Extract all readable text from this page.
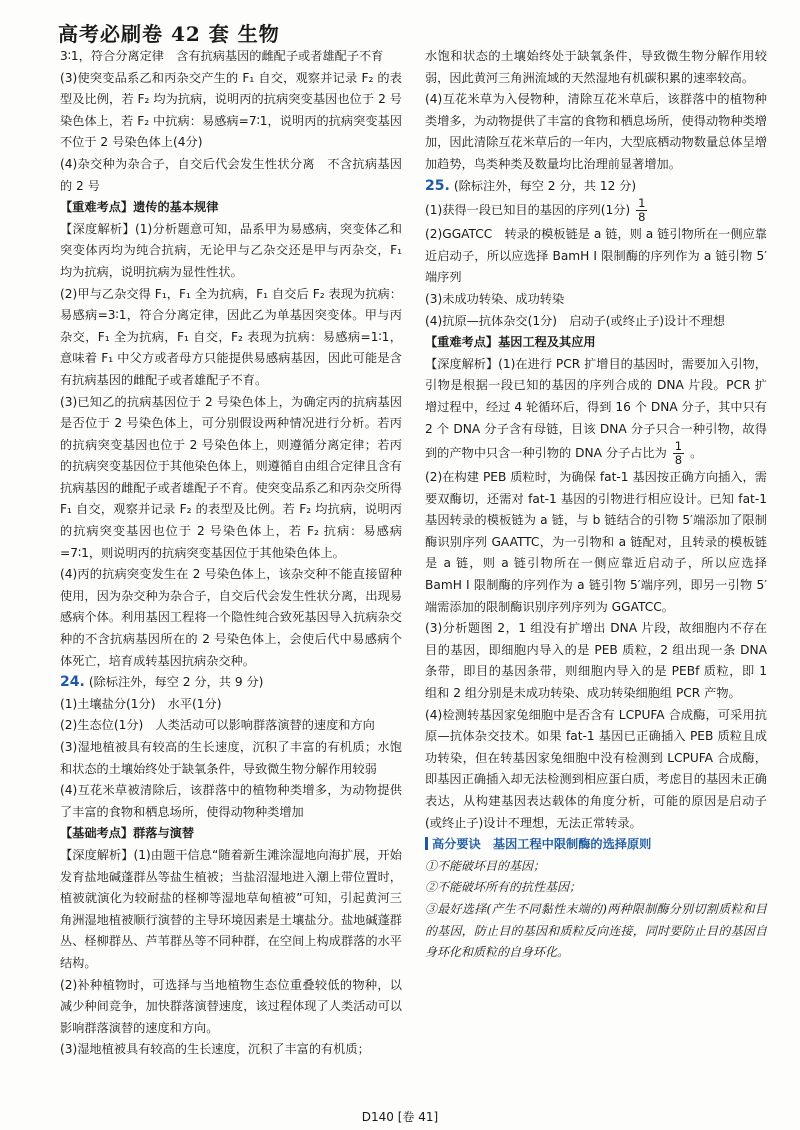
高考必刷卷 42 套 生物

3∶1，符合分离定律　含有抗病基因的雌配子或者雄配子不育

(3)使突变品系乙和丙杂交产生的 F₁ 自交，观察并记录 F₂ 的表型及比例，若 F₂ 均为抗病，说明丙的抗病突变基因也位于 2 号染色体上，若 F₂ 中抗病：易感病=7∶1，说明丙的抗病突变基因不位于 2 号染色体上(4分)

(4)杂交种为杂合子，自交后代会发生性状分离　不含抗病基因的 2 号

【重难考点】遗传的基本规律

【深度解析】(1)分析题意可知，品系甲为易感病，突变体乙和突变体丙均为纯合抗病，无论甲与乙杂交还是甲与丙杂交，F₁ 均为抗病，说明抗病为显性性状。

(2)甲与乙杂交得 F₁，F₁ 全为抗病，F₁ 自交后 F₂ 表现为抗病：易感病=3∶1，符合分离定律，因此乙为单基因突变体。甲与丙杂交，F₁ 全为抗病，F₁ 自交，F₂ 表现为抗病：易感病=1∶1，意味着 F₁ 中父方或者母方只能提供易感病基因，因此可能是含有抗病基因的雌配子或者雄配子不育。

(3)已知乙的抗病基因位于 2 号染色体上，为确定丙的抗病基因是否位于 2 号染色体上，可分别假设两种情况进行分析。若丙的抗病突变基因也位于 2 号染色体上，则遵循分离定律；若丙的抗病突变基因位于其他染色体上，则遵循自由组合定律且含有抗病基因的雌配子或者雄配子不育。使突变品系乙和丙杂交所得 F₁ 自交，观察并记录 F₂ 的表型及比例。若 F₂ 均抗病，说明丙的抗病突变基因也位于 2 号染色体上，若 F₂ 抗病：易感病=7∶1，则说明丙的抗病突变基因位于其他染色体上。

(4)丙的抗病突变发生在 2 号染色体上，该杂交种不能直接留种使用，因为杂交种为杂合子，自交后代会发生性状分离，出现易感病个体。利用基因工程将一个隐性纯合致死基因导入抗病杂交种的不含抗病基因所在的 2 号染色体上，会使后代中易感病个体死亡，培育成转基因抗病杂交种。

24. (除标注外，每空 2 分，共 9 分)

(1)土壤盐分(1分)　水平(1分)

(2)生态位(1分)　人类活动可以影响群落演替的速度和方向

(3)湿地植被具有较高的生长速度，沉积了丰富的有机质；水饱和状态的土壤始终处于缺氧条件，导致微生物分解作用较弱

(4)互花米草被清除后，该群落中的植物种类增多，为动物提供了丰富的食物和栖息场所，使得动物种类增加

【基础考点】群落与演替

【深度解析】(1)由题干信息“随着新生滩涂湿地向海扩展，开始发育盐地碱蓬群丛等盐生植被；当盐沼湿地进入潮上带位置时，植被就演化为较耐盐的柽柳等湿地草甸植被”可知，引起黄河三角洲湿地植被顺行演替的主导环境因素是土壤盐分。盐地碱蓬群丛、柽柳群丛、芦苇群丛等不同种群，在空间上构成群落的水平结构。

(2)补种植物时，可选择与当地植物生态位重叠较低的物种，以减少种间竞争，加快群落演替速度，该过程体现了人类活动可以影响群落演替的速度和方向。

(3)湿地植被具有较高的生长速度，沉积了丰富的有机质；

水饱和状态的土壤始终处于缺氧条件，导致微生物分解作用较弱，因此黄河三角洲流域的天然湿地有机碳积累的速率较高。

(4)互花米草为入侵物种，清除互花米草后，该群落中的植物种类增多，为动物提供了丰富的食物和栖息场所，使得动物种类增加，因此清除互花米草后的一年内，大型底栖动物数量总体呈增加趋势，鸟类种类及数量均比治理前显著增加。

25. (除标注外，每空 2 分，共 12 分)

(1)获得一段已知目的基因的序列(1分) $\frac{1}{8}$

(2)GGATCC　转录的模板链是 a 链，则 a 链引物所在一侧应靠近启动子，所以应选择 BamH Ⅰ 限制酶的序列作为 a 链引物 5′端序列

(3)未成功转染、成功转染

(4)抗原—抗体杂交(1分)　启动子(或终止子)设计不理想

【重难考点】基因工程及其应用

【深度解析】(1)在进行 PCR 扩增目的基因时，需要加入引物，引物是根据一段已知的基因的序列合成的 DNA 片段。PCR 扩增过程中，经过 4 轮循环后，得到 16 个 DNA 分子，其中只有 2 个 DNA 分子含有母链，目该 DNA 分子只合一种引物，故得到的产物中只含一种引物的 DNA 分子占比为 $\frac{1}{8}$ 。

(2)在构建 PEB 质粒时，为确保 fat-1 基因按正确方向插入，需要双酶切，还需对 fat-1 基因的引物进行相应设计。已知 fat-1 基因转录的模板链为 a 链，与 b 链结合的引物 5′端添加了限制酶识别序列 GAATTC，为一引物和 a 链配对，且转录的模板链是 a 链，则 a 链引物所在一侧应靠近启动子，所以应选择 BamH Ⅰ 限制酶的序列作为 a 链引物 5′端序列，即另一引物 5′端需添加的限制酶识别序列序列为 GGATCC。

(3)分析题图 2，1 组没有扩增出 DNA 片段，故细胞内不存在目的基因，即细胞内导入的是 PEB 质粒，2 组出现一条 DNA 条带，即目的基因条带，则细胞内导入的是 PEBf 质粒，即 1 组和 2 组分别是未成功转染、成功转染细胞组 PCR 产物。

(4)检测转基因家兔细胞中是否含有 LCPUFA 合成酶，可采用抗原—抗体杂交技术。如果 fat-1 基因已正确插入 PEB 质粒且成功转染，但在转基因家兔细胞中没有检测到 LCPUFA 合成酶，即基因正确插入却无法检测到相应蛋白质，考虑目的基因未正确表达，从构建基因表达载体的角度分析，可能的原因是启动子(或终止子)设计不理想，无法正常转录。

高分要诀　基因工程中限制酶的选择原则

①不能破坏目的基因；

②不能破坏所有的抗性基因；

③最好选择(产生不同黏性末端的)两种限制酶分别切割质粒和目的基因，防止目的基因和质粒反向连接，同时要防止目的基因自身环化和质粒的自身环化。

D140 [卷 41]
